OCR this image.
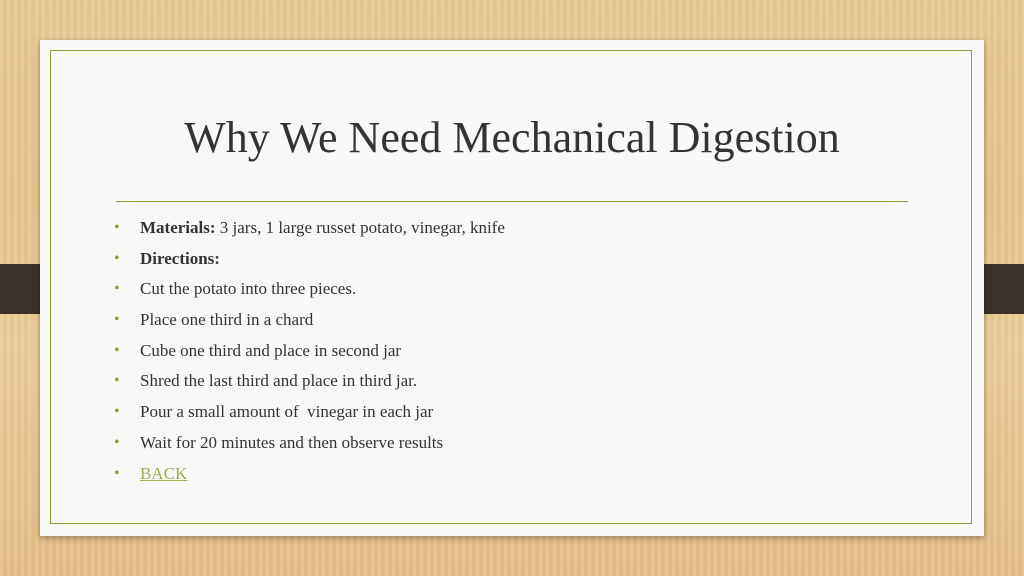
Why We Need Mechanical Digestion
• Materials: 3 jars, 1 large russet potato, vinegar, knife
• Directions:
• Cut the potato into three pieces.
• Place one third in a chard
• Cube one third and place in second jar
• Shred the last third and place in third jar.
• Pour a small amount of  vinegar in each jar
• Wait for 20 minutes and then observe results
• BACK
